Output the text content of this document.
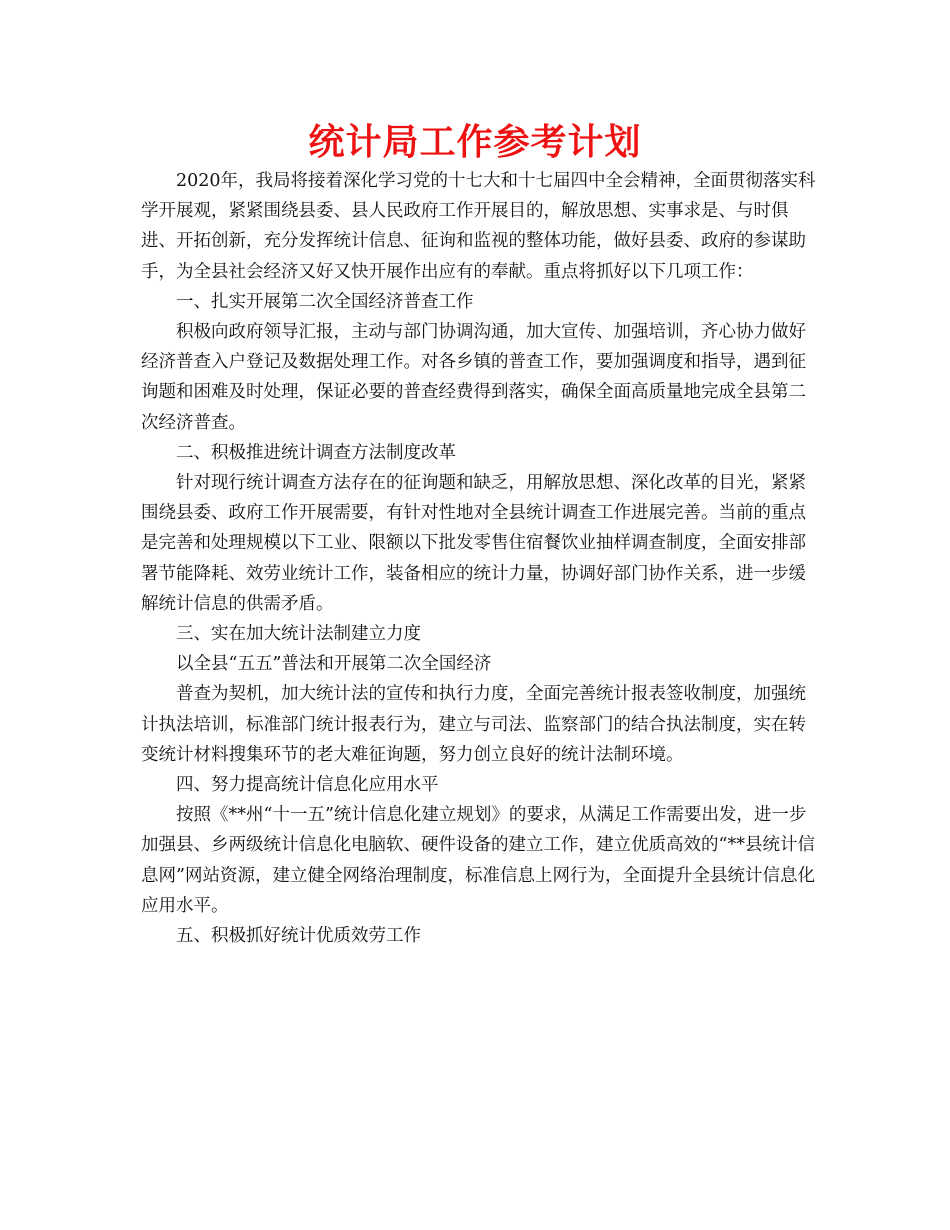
统计局工作参考计划

2020年，我局将接着深化学习党的十七大和十七届四中全会精神，全面贯彻落实科学开展观，紧紧围绕县委、县人民政府工作开展目的，解放思想、实事求是、与时俱进、开拓创新，充分发挥统计信息、征询和监视的整体功能，做好县委、政府的参谋助手，为全县社会经济又好又快开展作出应有的奉献。重点将抓好以下几项工作：

一、扎实开展第二次全国经济普查工作

积极向政府领导汇报，主动与部门协调沟通，加大宣传、加强培训，齐心协力做好经济普查入户登记及数据处理工作。对各乡镇的普查工作，要加强调度和指导，遇到征询题和困难及时处理，保证必要的普查经费得到落实，确保全面高质量地完成全县第二次经济普查。

二、积极推进统计调查方法制度改革

针对现行统计调查方法存在的征询题和缺乏，用解放思想、深化改革的目光，紧紧围绕县委、政府工作开展需要，有针对性地对全县统计调查工作进展完善。当前的重点是完善和处理规模以下工业、限额以下批发零售住宿餐饮业抽样调查制度，全面安排部署节能降耗、效劳业统计工作，装备相应的统计力量，协调好部门协作关系，进一步缓解统计信息的供需矛盾。

三、实在加大统计法制建立力度

以全县“五五”普法和开展第二次全国经济

普查为契机，加大统计法的宣传和执行力度，全面完善统计报表签收制度，加强统计执法培训，标准部门统计报表行为，建立与司法、监察部门的结合执法制度，实在转变统计材料搜集环节的老大难征询题，努力创立良好的统计法制环境。

四、努力提高统计信息化应用水平

按照《**州“十一五”统计信息化建立规划》的要求，从满足工作需要出发，进一步加强县、乡两级统计信息化电脑软、硬件设备的建立工作，建立优质高效的“**县统计信息网”网站资源，建立健全网络治理制度，标准信息上网行为，全面提升全县统计信息化应用水平。

五、积极抓好统计优质效劳工作
